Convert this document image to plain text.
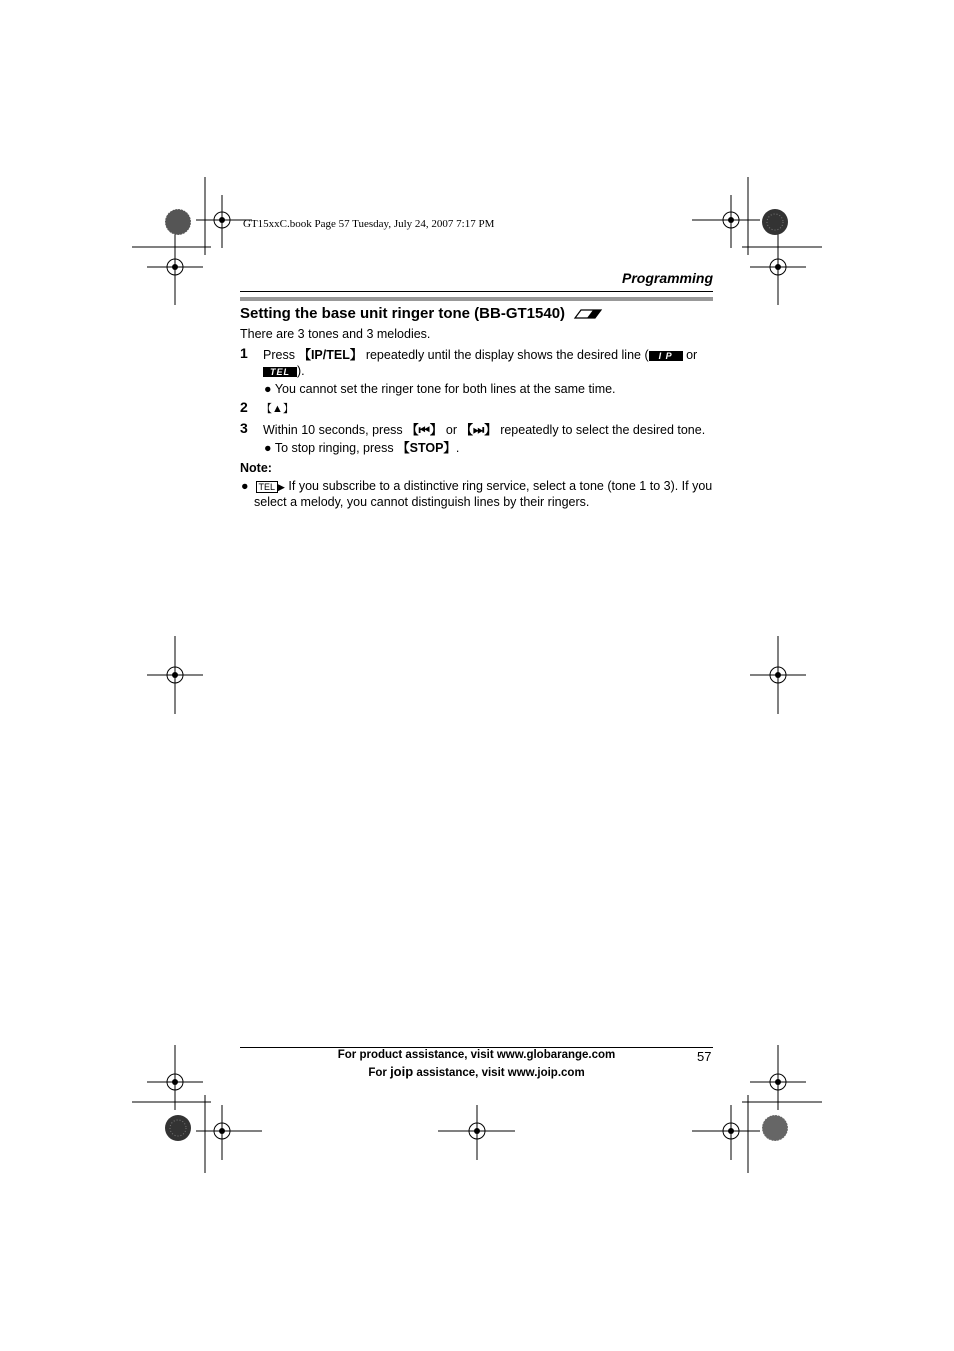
GT15xxC.book Page 57 Tuesday, July 24, 2007 7:17 PM
Programming
Setting the base unit ringer tone (BB-GT1540)
There are 3 tones and 3 melodies.
1 Press 【IP/TEL】 repeatedly until the display shows the desired line ( I P or
TEL ).
● You cannot set the ringer tone for both lines at the same time.
2 【▲】
3 Within 10 seconds, press 【⏮】 or 【⏭】 repeatedly to select the desired tone.
● To stop ringing, press 【STOP】.
Note:
● TEL ▶ If you subscribe to a distinctive ring service, select a tone (tone 1 to 3). If you
select a melody, you cannot distinguish lines by their ringers.
For product assistance, visit www.globarange.com
For joip assistance, visit www.joip.com
57
